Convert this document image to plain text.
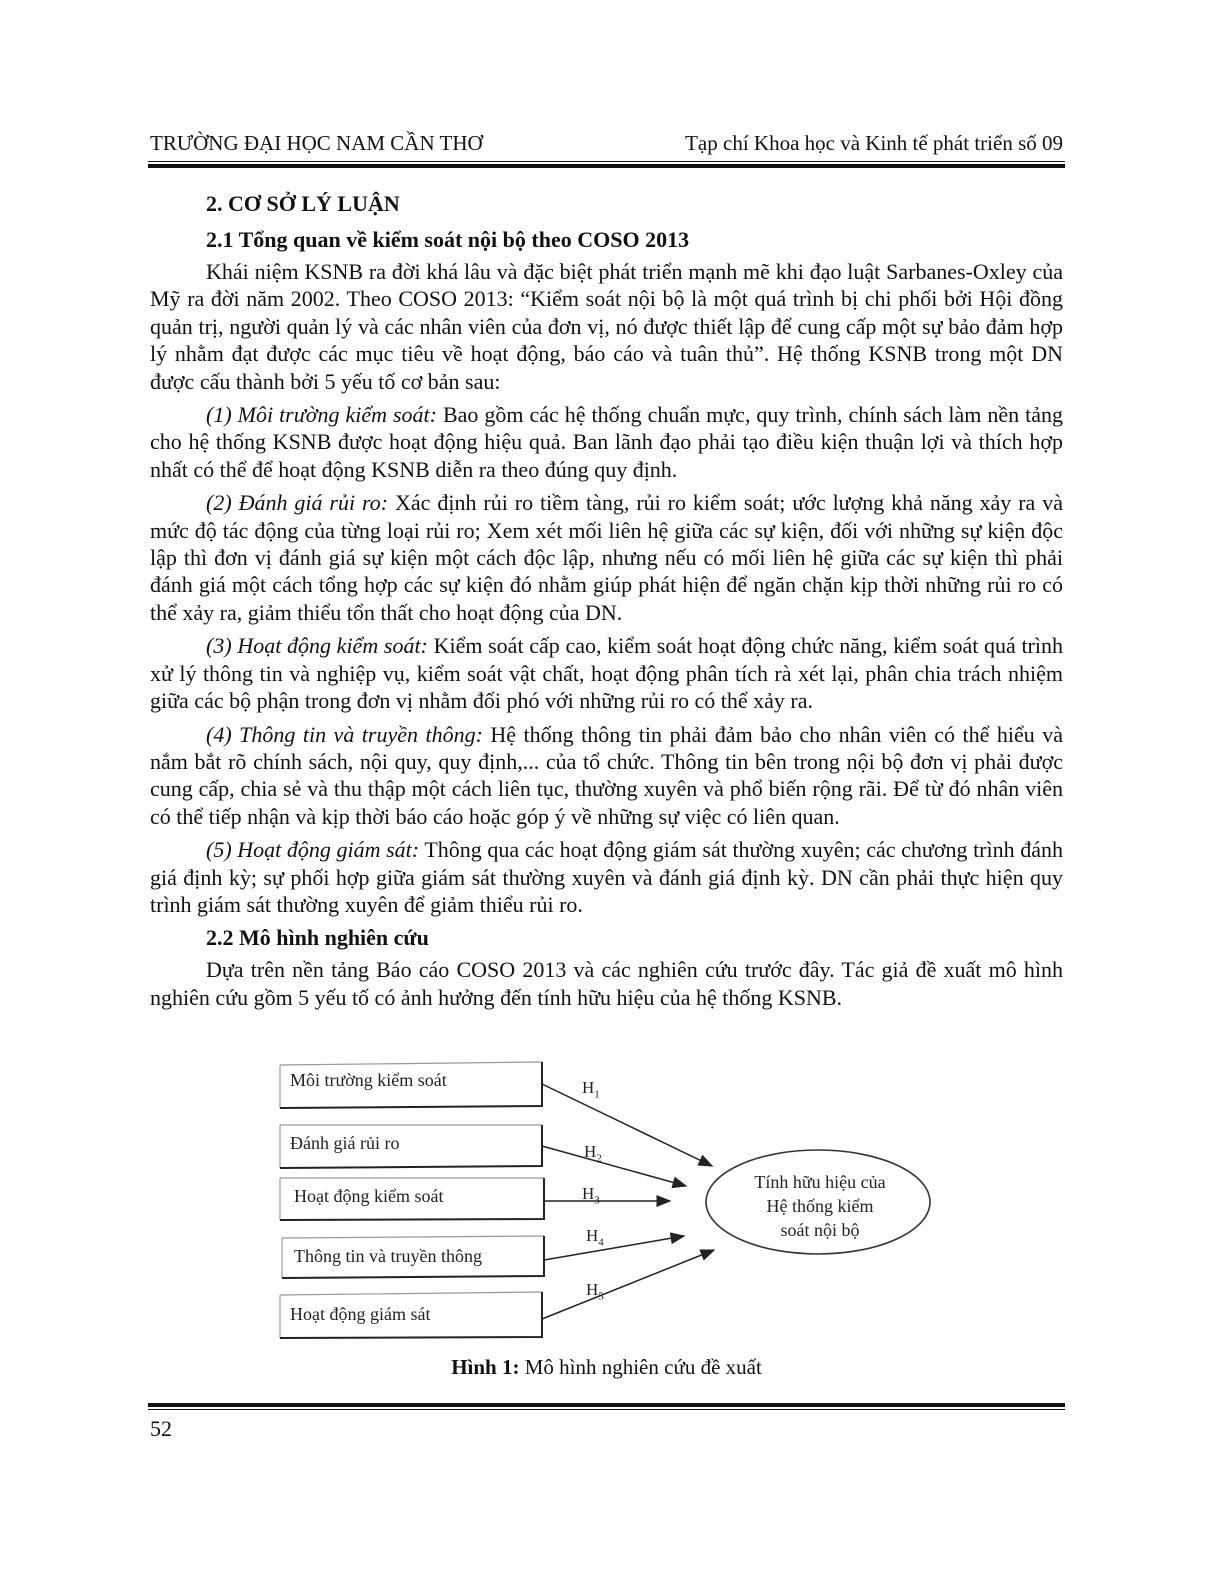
TRƯỜNG ĐẠI HỌC NAM CẦN THƠ	Tạp chí Khoa học và Kinh tế phát triển số 09
2. CƠ SỞ LÝ LUẬN
2.1 Tổng quan về kiểm soát nội bộ theo COSO 2013

Khái niệm KSNB ra đời khá lâu và đặc biệt phát triển mạnh mẽ khi đạo luật Sarbanes-Oxley của Mỹ ra đời năm 2002. Theo COSO 2013: “Kiểm soát nội bộ là một quá trình bị chi phối bởi Hội đồng quản trị, người quản lý và các nhân viên của đơn vị, nó được thiết lập để cung cấp một sự bảo đảm hợp lý nhằm đạt được các mục tiêu về hoạt động, báo cáo và tuân thủ”. Hệ thống KSNB trong một DN được cấu thành bởi 5 yếu tố cơ bản sau:

(1) Môi trường kiểm soát: Bao gồm các hệ thống chuẩn mực, quy trình, chính sách làm nền tảng cho hệ thống KSNB được hoạt động hiệu quả. Ban lãnh đạo phải tạo điều kiện thuận lợi và thích hợp nhất có thể để hoạt động KSNB diễn ra theo đúng quy định.

(2) Đánh giá rủi ro: Xác định rủi ro tiềm tàng, rủi ro kiểm soát; ước lượng khả năng xảy ra và mức độ tác động của từng loại rủi ro; Xem xét mối liên hệ giữa các sự kiện, đối với những sự kiện độc lập thì đơn vị đánh giá sự kiện một cách độc lập, nhưng nếu có mối liên hệ giữa các sự kiện thì phải đánh giá một cách tổng hợp các sự kiện đó nhằm giúp phát hiện để ngăn chặn kịp thời những rủi ro có thể xảy ra, giảm thiểu tổn thất cho hoạt động của DN.

(3) Hoạt động kiểm soát: Kiểm soát cấp cao, kiểm soát hoạt động chức năng, kiểm soát quá trình xử lý thông tin và nghiệp vụ, kiểm soát vật chất, hoạt động phân tích rà xét lại, phân chia trách nhiệm giữa các bộ phận trong đơn vị nhằm đối phó với những rủi ro có thể xảy ra.

(4) Thông tin và truyền thông: Hệ thống thông tin phải đảm bảo cho nhân viên có thể hiểu và nắm bắt rõ chính sách, nội quy, quy định,... của tổ chức. Thông tin bên trong nội bộ đơn vị phải được cung cấp, chia sẻ và thu thập một cách liên tục, thường xuyên và phổ biến rộng rãi. Để từ đó nhân viên có thể tiếp nhận và kịp thời báo cáo hoặc góp ý về những sự việc có liên quan.

(5) Hoạt động giám sát: Thông qua các hoạt động giám sát thường xuyên; các chương trình đánh giá định kỳ; sự phối hợp giữa giám sát thường xuyên và đánh giá định kỳ. DN cần phải thực hiện quy trình giám sát thường xuyên để giảm thiểu rủi ro.

2.2 Mô hình nghiên cứu

Dựa trên nền tảng Báo cáo COSO 2013 và các nghiên cứu trước đây. Tác giả đề xuất mô hình nghiên cứu gồm 5 yếu tố có ảnh hưởng đến tính hữu hiệu của hệ thống KSNB.

Môi trường kiểm soát
Đánh giá rủi ro
Hoạt động kiểm soát
Thông tin và truyền thông
Hoạt động giám sát
$H_1$
$H_2$
$H_3$
$H_4$
$H_5$
Tính hữu hiệu của
Hệ thống kiểm
soát nội bộ
Hình 1: Mô hình nghiên cứu đề xuất
52
